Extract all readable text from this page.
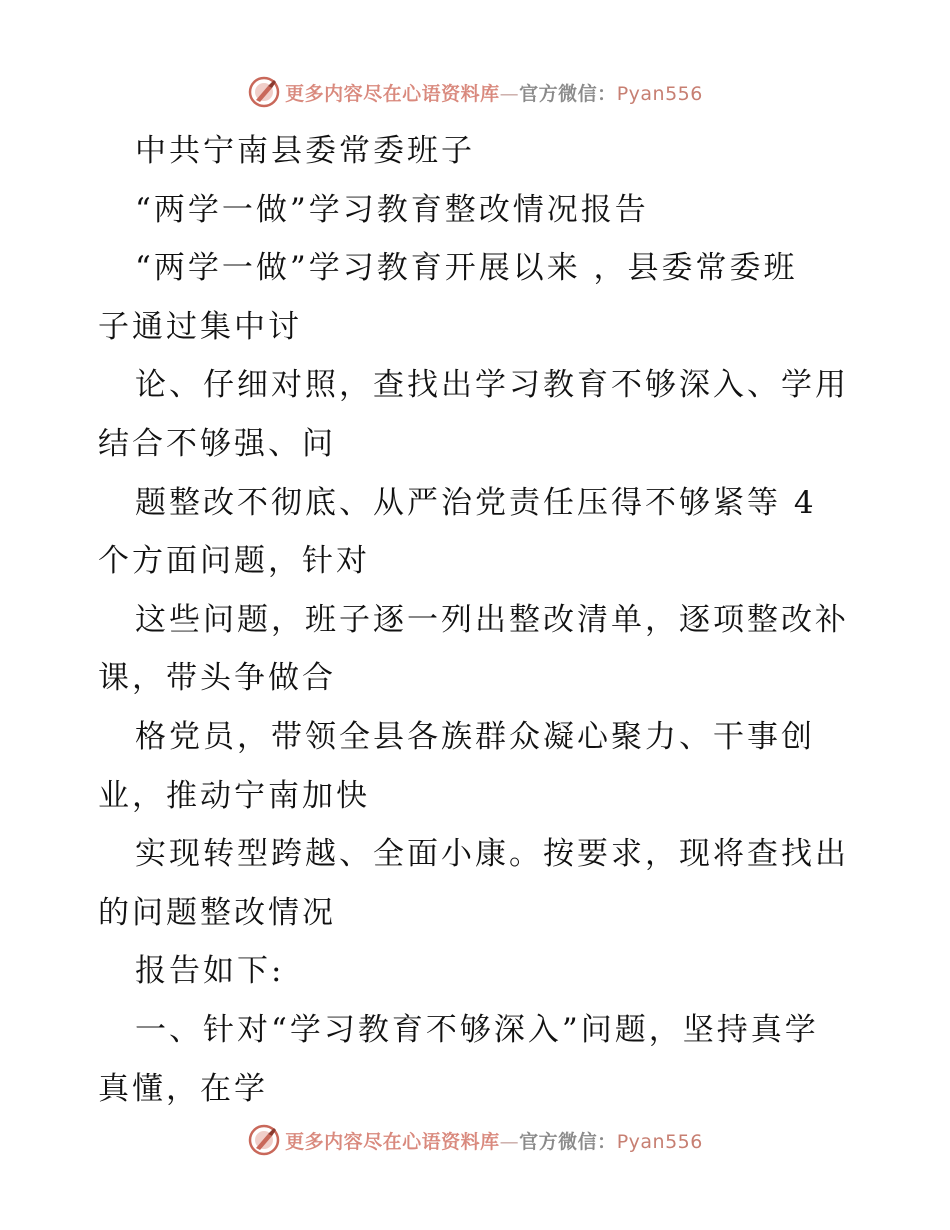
更多内容尽在心语资料库—官方微信：Pyan556
中共宁南县委常委班子
“两学一做”学习教育整改情况报告
“两学一做”学习教育开展以来 ，县委常委班
子通过集中讨
论、仔细对照，查找出学习教育不够深入、学用
结合不够强、问
题整改不彻底、从严治党责任压得不够紧等 4
个方面问题，针对
这些问题，班子逐一列出整改清单，逐项整改补
课，带头争做合
格党员，带领全县各族群众凝心聚力、干事创
业，推动宁南加快
实现转型跨越、全面小康。按要求，现将查找出
的问题整改情况
报告如下:
一、针对“学习教育不够深入”问题，坚持真学
真懂，在学
更多内容尽在心语资料库—官方微信：Pyan556
